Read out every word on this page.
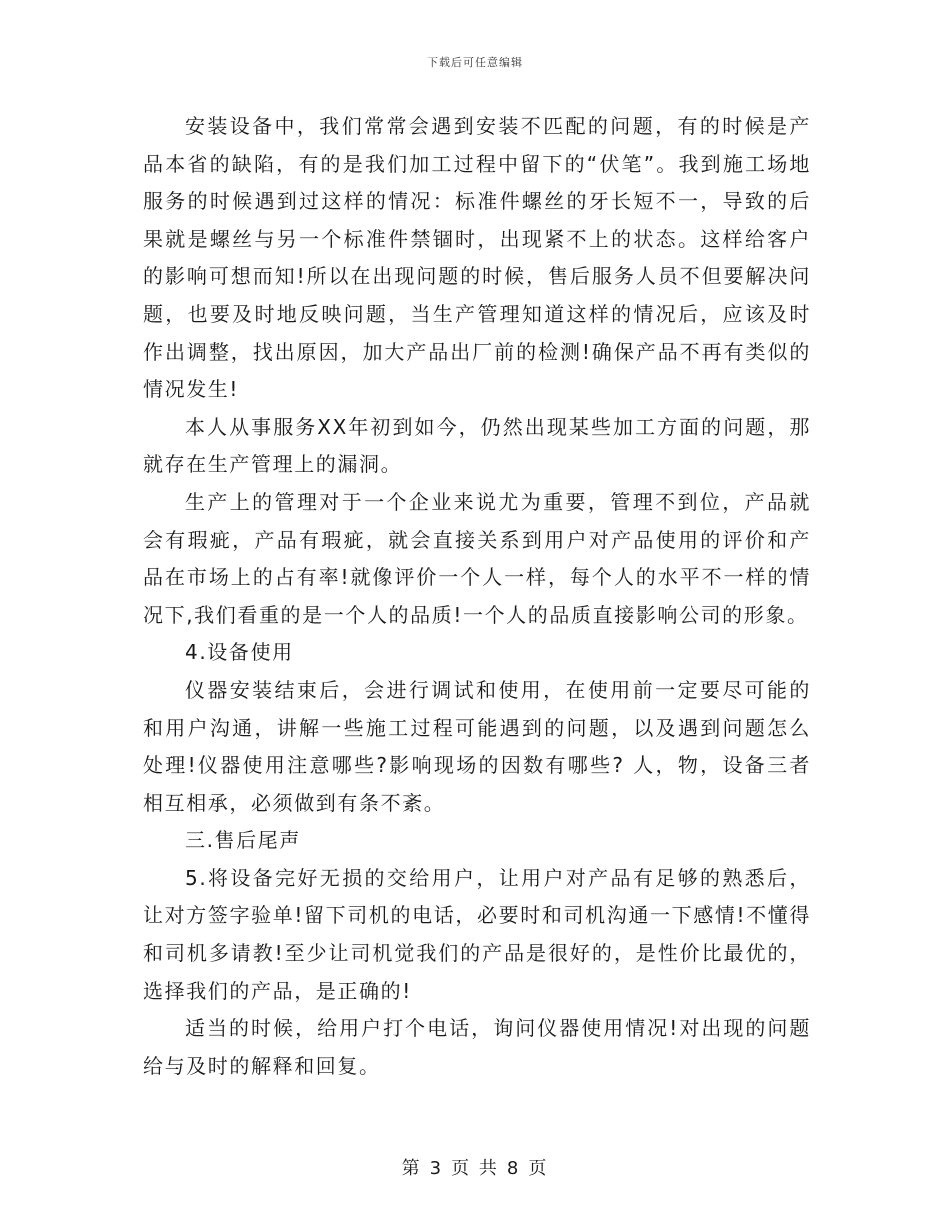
下载后可任意编辑

安装设备中，我们常常会遇到安装不匹配的问题，有的时候是产品本省的缺陷，有的是我们加工过程中留下的“伏笔”。我到施工场地服务的时候遇到过这样的情况：标准件螺丝的牙长短不一，导致的后果就是螺丝与另一个标准件禁锢时，出现紧不上的状态。这样给客户的影响可想而知!所以在出现问题的时候，售后服务人员不但要解决问题，也要及时地反映问题，当生产管理知道这样的情况后，应该及时作出调整，找出原因，加大产品出厂前的检测!确保产品不再有类似的情况发生!

本人从事服务XX年初到如今，仍然出现某些加工方面的问题，那就存在生产管理上的漏洞。

生产上的管理对于一个企业来说尤为重要，管理不到位，产品就会有瑕疵，产品有瑕疵，就会直接关系到用户对产品使用的评价和产品在市场上的占有率!就像评价一个人一样，每个人的水平不一样的情况下,我们看重的是一个人的品质!一个人的品质直接影响公司的形象。

4.设备使用

仪器安装结束后，会进行调试和使用，在使用前一定要尽可能的和用户沟通，讲解一些施工过程可能遇到的问题，以及遇到问题怎么处理!仪器使用注意哪些?影响现场的因数有哪些? 人，物，设备三者相互相承，必须做到有条不紊。

三.售后尾声

5.将设备完好无损的交给用户，让用户对产品有足够的熟悉后，让对方签字验单!留下司机的电话，必要时和司机沟通一下感情!不懂得和司机多请教!至少让司机觉我们的产品是很好的，是性价比最优的，选择我们的产品，是正确的!

适当的时候，给用户打个电话，询问仪器使用情况!对出现的问题给与及时的解释和回复。

第 3 页 共 8 页
